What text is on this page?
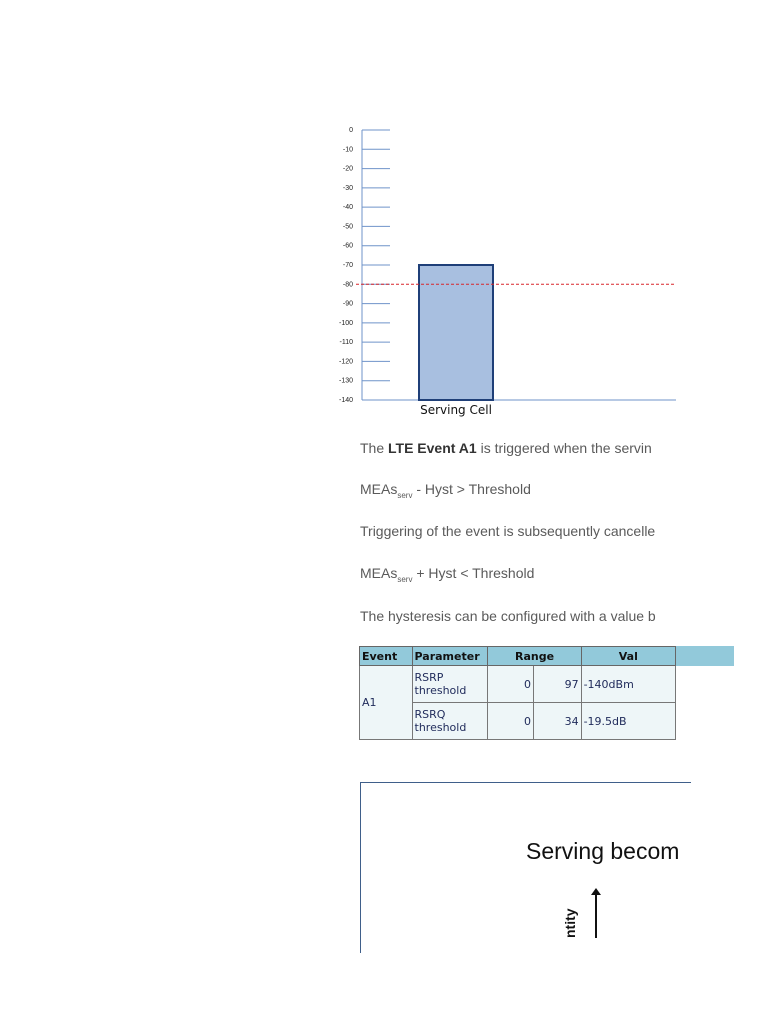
0
-10
-20
-30
-40
-50
-60
-70
-80
-90
-100
-110
-120
-130
-140
Serving Cell
The LTE Event A1 is triggered when the servin
MEAs$_{serv}$ - Hyst > Threshold
Triggering of the event is subsequently cancelle
MEAs$_{serv}$ + Hyst < Threshold
The hysteresis can be configured with a value b
Event	Parameter	Range		Val
A1	RSRP threshold	0	97	-140dBm
	RSRQ threshold	0	34	-19.5dB
Serving becom
ntity
